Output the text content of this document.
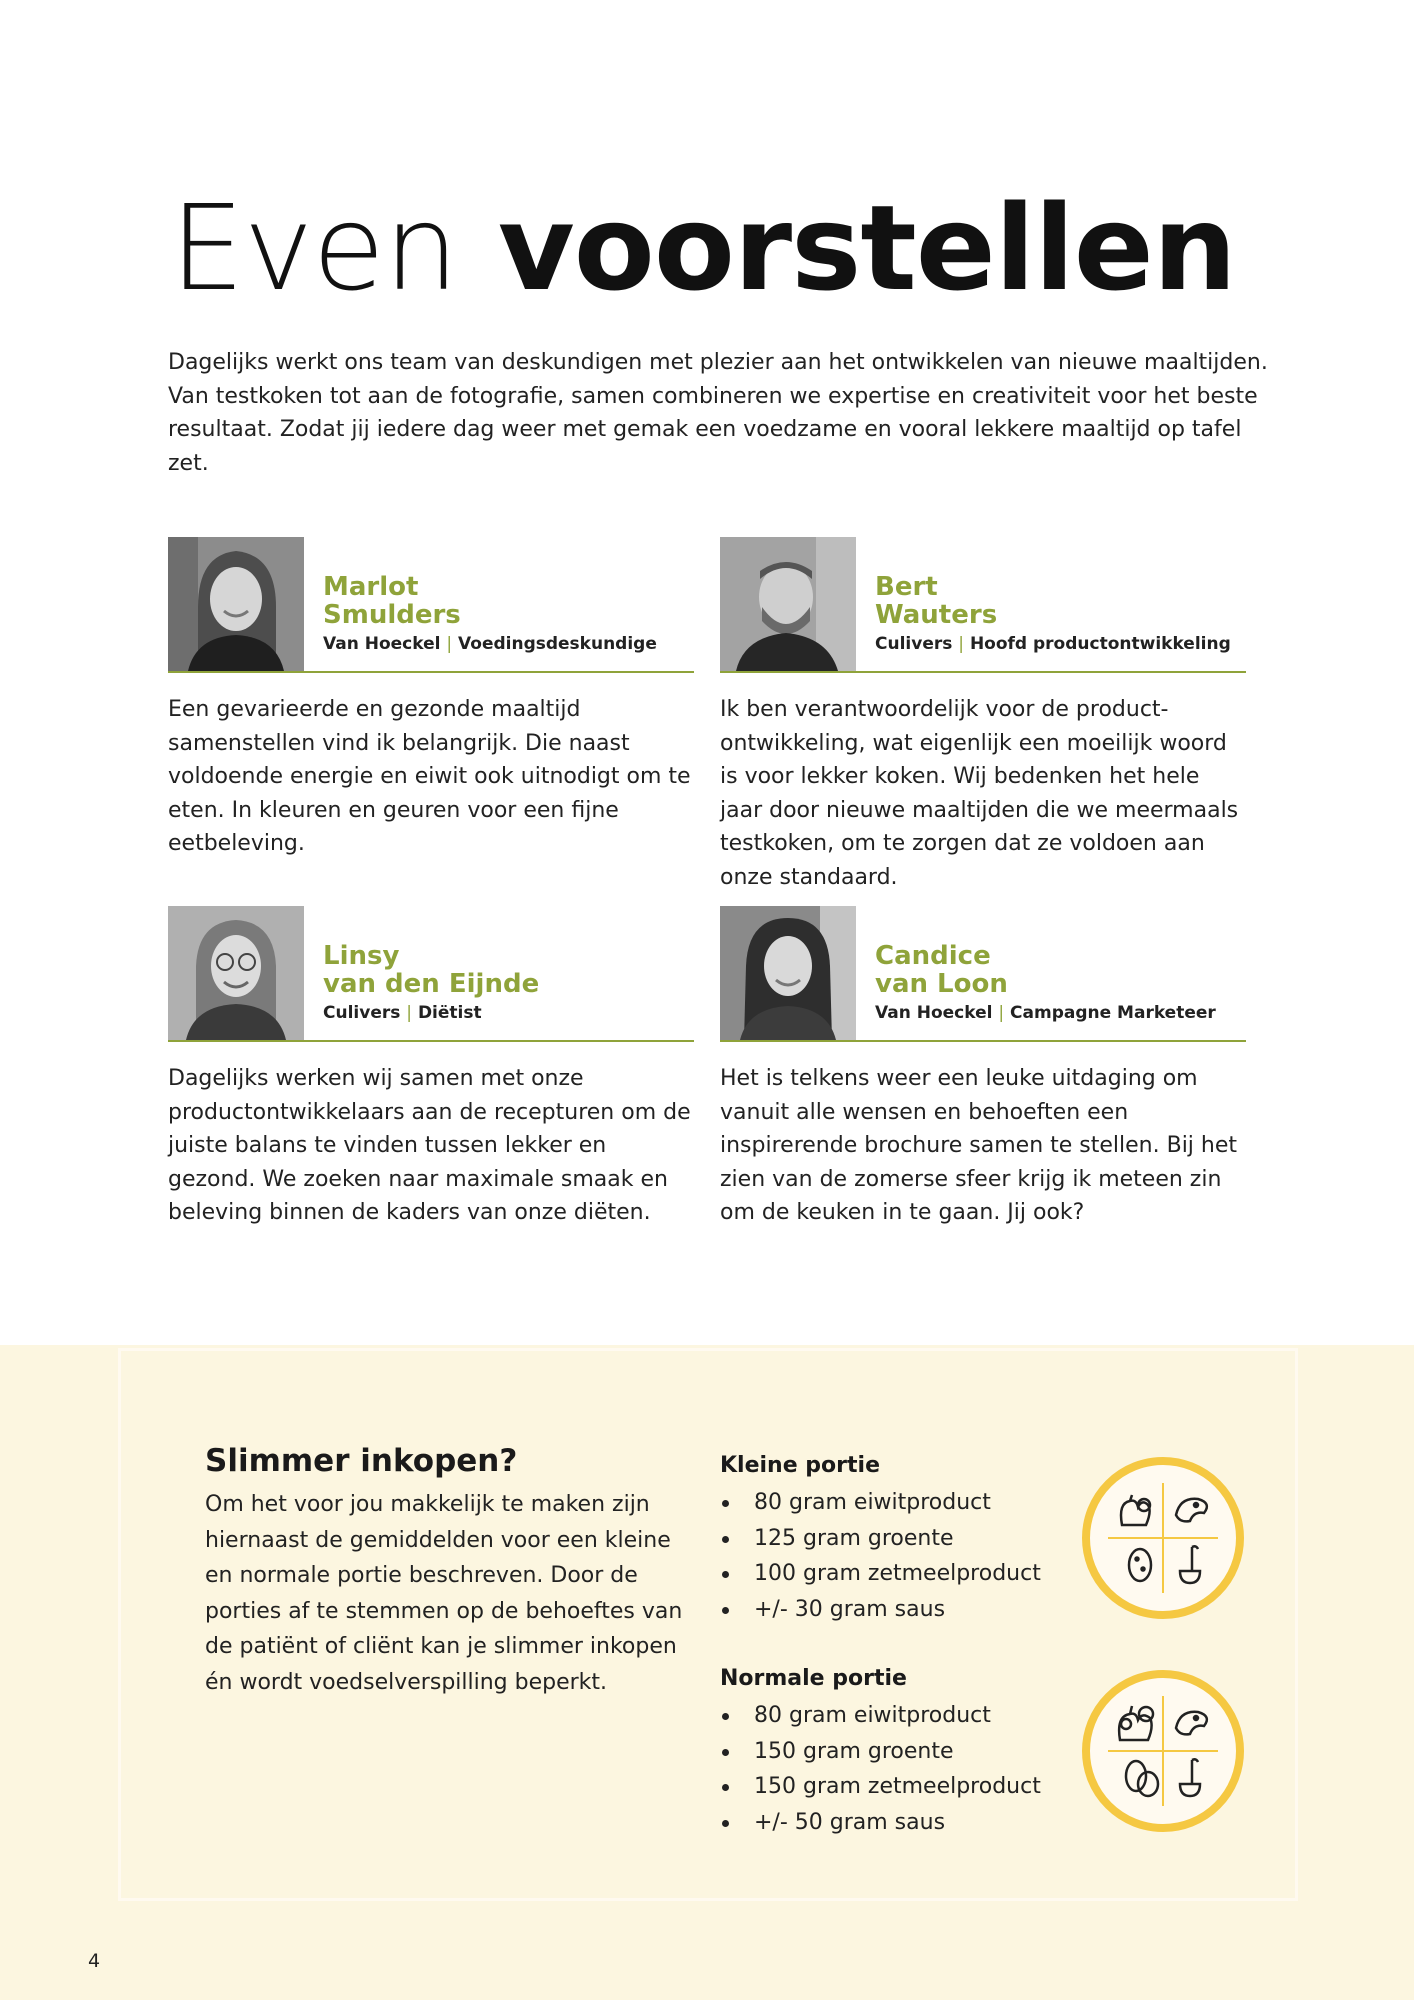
Even voorstellen

Dagelijks werkt ons team van deskundigen met plezier aan het ontwikkelen van nieuwe maaltijden. Van testkoken tot aan de fotografie, samen combineren we expertise en creativiteit voor het beste resultaat. Zodat jij iedere dag weer met gemak een voedzame en vooral lekkere maaltijd op tafel zet.

Marlot
Smulders
Van Hoeckel | Voedingsdeskundige

Een gevarieerde en gezonde maaltijd samenstellen vind ik belangrijk. Die naast voldoende energie en eiwit ook uitnodigt om te eten. In kleuren en geuren voor een fijne eetbeleving.

Bert
Wauters
Culivers | Hoofd productontwikkeling

Ik ben verantwoordelijk voor de product-ontwikkeling, wat eigenlijk een moeilijk woord is voor lekker koken. Wij bedenken het hele jaar door nieuwe maaltijden die we meermaals testkoken, om te zorgen dat ze voldoen aan onze standaard.

Linsy
van den Eijnde
Culivers | Diëtist

Dagelijks werken wij samen met onze productontwikkelaars aan de recepturen om de juiste balans te vinden tussen lekker en gezond. We zoeken naar maximale smaak en beleving binnen de kaders van onze diëten.

Candice
van Loon
Van Hoeckel | Campagne Marketeer

Het is telkens weer een leuke uitdaging om vanuit alle wensen en behoeften een inspirerende brochure samen te stellen. Bij het zien van de zomerse sfeer krijg ik meteen zin om de keuken in te gaan. Jij ook?

Slimmer inkopen?

Om het voor jou makkelijk te maken zijn hiernaast de gemiddelden voor een kleine en normale portie beschreven. Door de porties af te stemmen op de behoeftes van de patiënt of cliënt kan je slimmer inkopen én wordt voedselverspilling beperkt.

Kleine portie
80 gram eiwitproduct
125 gram groente
100 gram zetmeelproduct
+/- 30 gram saus
Normale portie
80 gram eiwitproduct
150 gram groente
150 gram zetmeelproduct
+/- 50 gram saus
4
